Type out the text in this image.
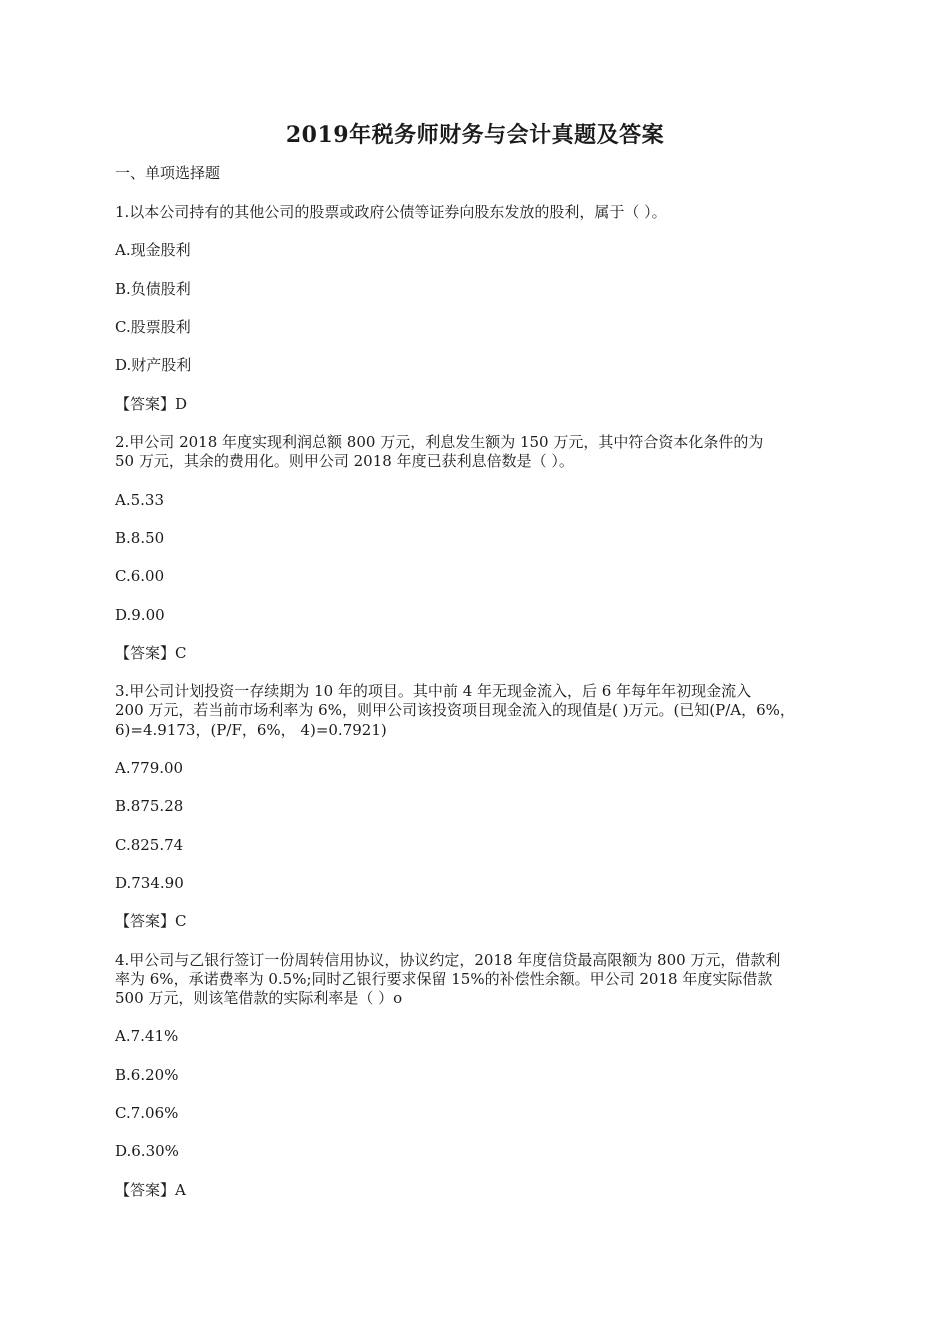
2019年税务师财务与会计真题及答案
一、单项选择题
1.以本公司持有的其他公司的股票或政府公债等证券向股东发放的股利，属于（ ）。
A.现金股利
B.负债股利
C.股票股利
D.财产股利
【答案】D
2.甲公司 2018 年度实现利润总额 800 万元，利息发生额为 150 万元，其中符合资本化条件的为
50 万元，其余的费用化。则甲公司 2018 年度已获利息倍数是（ ）。
A.5.33
B.8.50
C.6.00
D.9.00
【答案】C
3.甲公司计划投资一存续期为 10 年的项目。其中前 4 年无现金流入，后 6 年每年年初现金流入
200 万元，若当前市场利率为 6%，则甲公司该投资项目现金流入的现值是( )万元。(已知(P/A，6%，
6)=4.9173，(P/F，6%， 4)=0.7921)
A.779.00
B.875.28
C.825.74
D.734.90
【答案】C
4.甲公司与乙银行签订一份周转信用协议，协议约定，2018 年度信贷最高限额为 800 万元，借款利
率为 6%，承诺费率为 0.5%;同时乙银行要求保留 15%的补偿性余额。甲公司 2018 年度实际借款
500 万元，则该笔借款的实际利率是（ ）o
A.7.41%
B.6.20%
C.7.06%
D.6.30%
【答案】A
